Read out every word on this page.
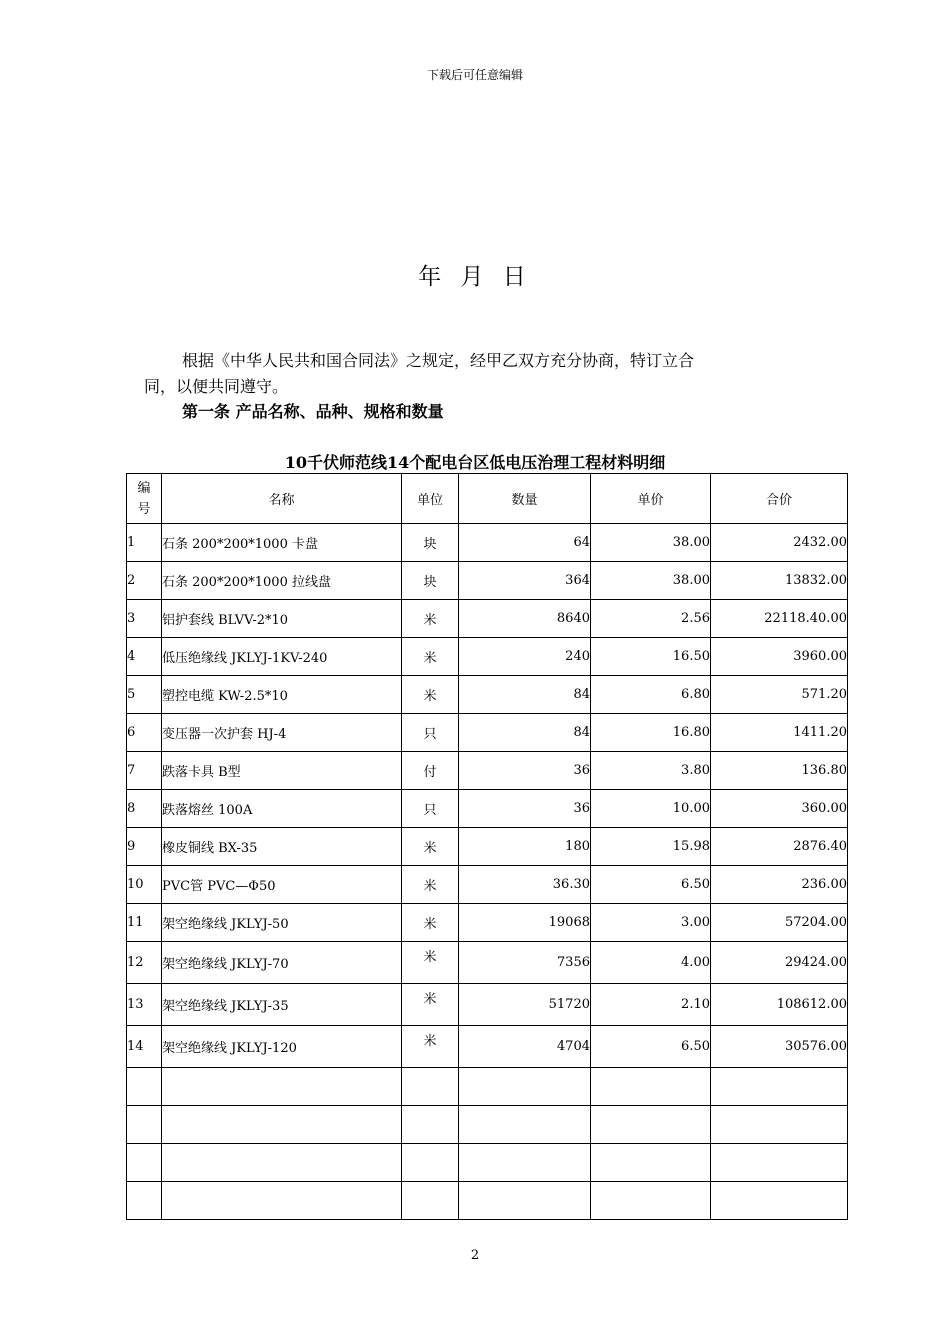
下载后可任意编辑
年 月 日
根据《中华人民共和国合同法》之规定，经甲乙双方充分协商，特订立合
同，以便共同遵守。
第一条 产品名称、品种、规格和数量
10千伏师范线14个配电台区低电压治理工程材料明细
编
号	名称	单位	数量	单价	合价
1	石条 200*200*1000 卡盘	块	64	38.00	2432.00
2	石条 200*200*1000 拉线盘	块	364	38.00	13832.00
3	铝护套线 BLVV-2*10	米	8640	2.56	22118.40.00
4	低压绝缘线 JKLYJ-1KV-240	米	240	16.50	3960.00
5	塑控电缆 KW-2.5*10	米	84	6.80	571.20
6	变压器一次护套 HJ-4	只	84	16.80	1411.20
7	跌落卡具 B型	付	36	3.80	136.80
8	跌落熔丝 100A	只	36	10.00	360.00
9	橡皮铜线 BX-35	米	180	15.98	2876.40
10	PVC管 PVC—Φ50	米	36.30	6.50	236.00
11	架空绝缘线 JKLYJ-50	米	19068	3.00	57204.00
12	架空绝缘线 JKLYJ-70	米	7356	4.00	29424.00
13	架空绝缘线 JKLYJ-35	米	51720	2.10	108612.00
14	架空绝缘线 JKLYJ-120	米	4704	6.50	30576.00

2
